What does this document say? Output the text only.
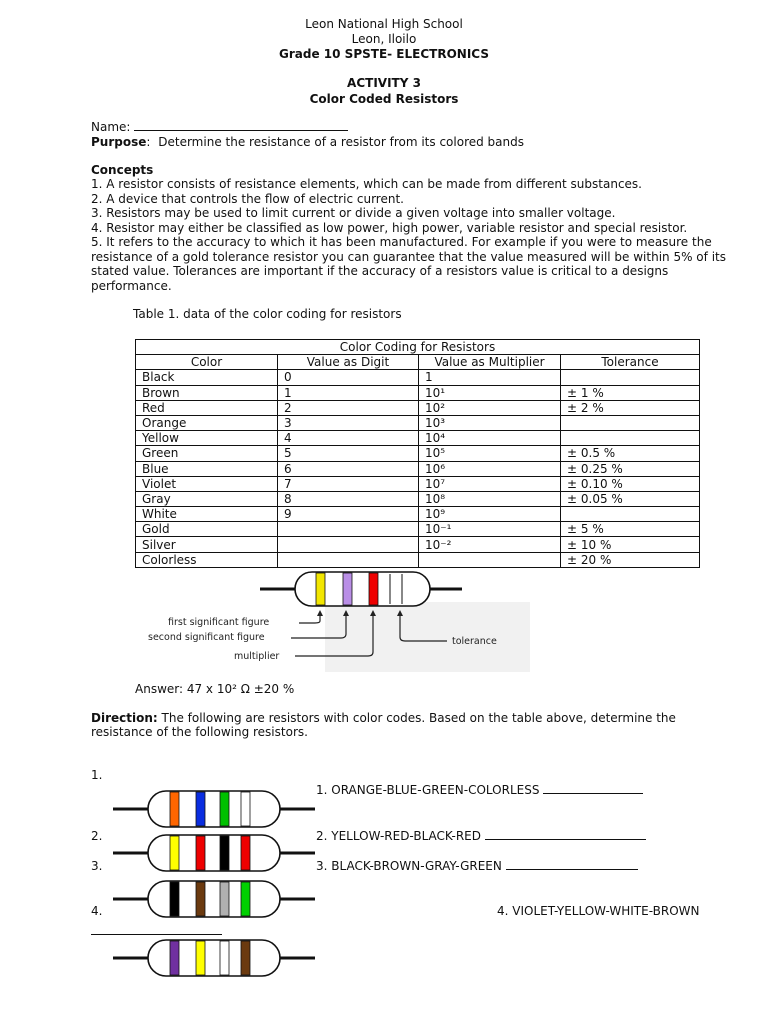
Leon National High School
Leon, Iloilo
Grade 10 SPSTE- ELECTRONICS
ACTIVITY 3
Color Coded Resistors
Name:
Purpose: Determine the resistance of a resistor from its colored bands
Concepts

1. A resistor consists of resistance elements, which can be made from different substances.

2. A device that controls the flow of electric current.

3. Resistors may be used to limit current or divide a given voltage into smaller voltage.

4. Resistor may either be classified as low power, high power, variable resistor and special resistor.

5. It refers to the accuracy to which it has been manufactured. For example if you were to measure the

resistance of a gold tolerance resistor you can guarantee that the value measured will be within 5% of its

stated value. Tolerances are important if the accuracy of a resistors value is critical to a designs

performance.

Table 1. data of the color coding for resistors
Color Coding for Resistors			
Color	Value as Digit	Value as Multiplier	Tolerance
Black	0	1	
Brown	1	10¹	± 1 %
Red	2	10²	± 2 %
Orange	3	10³	
Yellow	4	10⁴	
Green	5	10⁵	± 0.5 %
Blue	6	10⁶	± 0.25 %
Violet	7	10⁷	± 0.10 %
Gray	8	10⁸	± 0.05 %
White	9	10⁹	
Gold		10⁻¹	± 5 %
Silver		10⁻²	± 10 %
Colorless			± 20 %
first significant figure
second significant figure
multiplier
tolerance
Answer: 47 x 10² Ω ±20 %
Direction: The following are resistors with color codes. Based on the table above, determine the
resistance of the following resistors.
1.
2.
3.
4.
1. ORANGE-BLUE-GREEN-COLORLESS
2. YELLOW-RED-BLACK-RED
3. BLACK-BROWN-GRAY-GREEN
4. VIOLET-YELLOW-WHITE-BROWN
